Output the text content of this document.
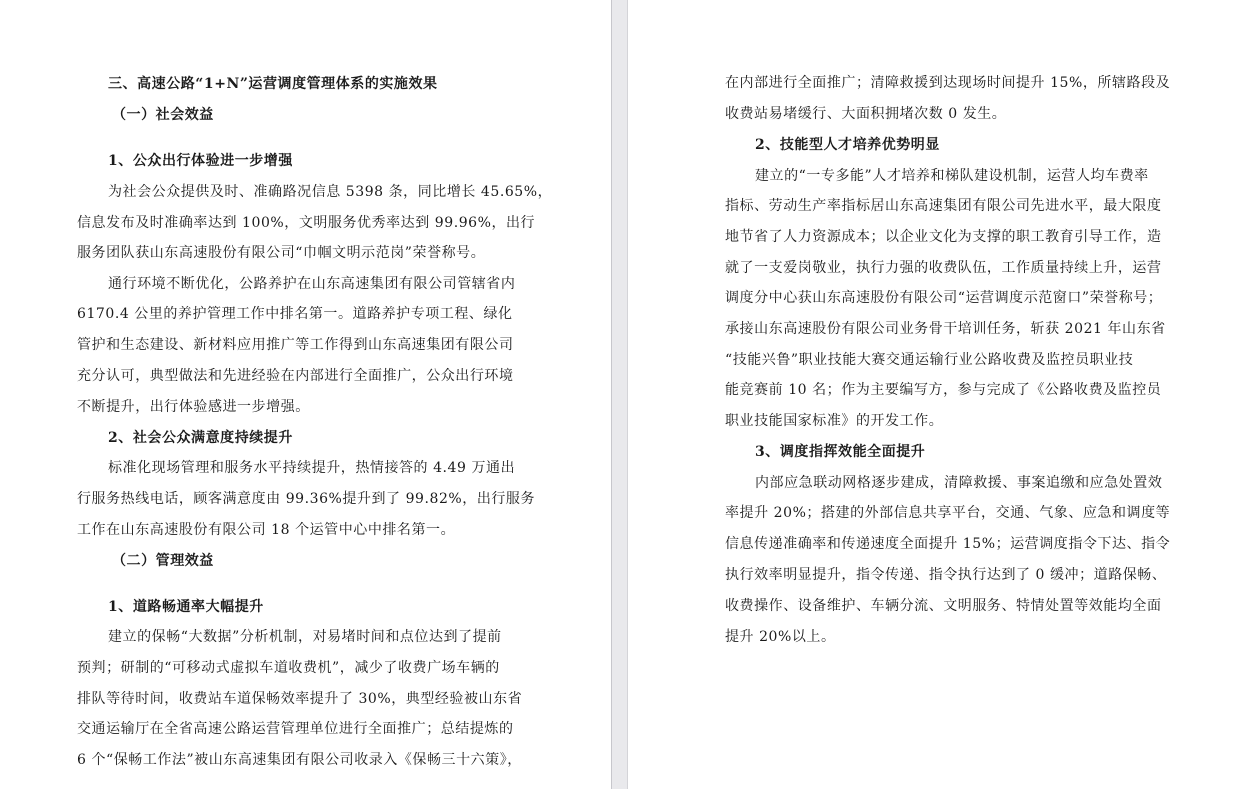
三、高速公路“1+N”运营调度管理体系的实施效果
（一）社会效益
1、公众出行体验进一步增强
为社会公众提供及时、准确路况信息 5398 条，同比增长 45.65%，
信息发布及时准确率达到 100%，文明服务优秀率达到 99.96%，出行
服务团队获山东高速股份有限公司“巾帼文明示范岗”荣誉称号。
通行环境不断优化，公路养护在山东高速集团有限公司管辖省内
6170.4 公里的养护管理工作中排名第一。道路养护专项工程、绿化
管护和生态建设、新材料应用推广等工作得到山东高速集团有限公司
充分认可，典型做法和先进经验在内部进行全面推广，公众出行环境
不断提升，出行体验感进一步增强。
2、社会公众满意度持续提升
标准化现场管理和服务水平持续提升，热情接答的 4.49 万通出
行服务热线电话，顾客满意度由 99.36%提升到了 99.82%，出行服务
工作在山东高速股份有限公司 18 个运管中心中排名第一。
（二）管理效益
1、道路畅通率大幅提升
建立的保畅“大数据”分析机制，对易堵时间和点位达到了提前
预判；研制的“可移动式虚拟车道收费机”，减少了收费广场车辆的
排队等待时间，收费站车道保畅效率提升了 30%，典型经验被山东省
交通运输厅在全省高速公路运营管理单位进行全面推广；总结提炼的
6 个“保畅工作法”被山东高速集团有限公司收录入《保畅三十六策》，
在内部进行全面推广；清障救援到达现场时间提升 15%，所辖路段及
收费站易堵缓行、大面积拥堵次数 0 发生。
2、技能型人才培养优势明显
建立的“一专多能”人才培养和梯队建设机制，运营人均车费率
指标、劳动生产率指标居山东高速集团有限公司先进水平，最大限度
地节省了人力资源成本；以企业文化为支撑的职工教育引导工作，造
就了一支爱岗敬业，执行力强的收费队伍，工作质量持续上升，运营
调度分中心获山东高速股份有限公司“运营调度示范窗口”荣誉称号；
承接山东高速股份有限公司业务骨干培训任务，斩获 2021 年山东省
“技能兴鲁”职业技能大赛交通运输行业公路收费及监控员职业技
能竞赛前 10 名；作为主要编写方，参与完成了《公路收费及监控员
职业技能国家标准》的开发工作。
3、调度指挥效能全面提升
内部应急联动网格逐步建成，清障救援、事案追缴和应急处置效
率提升 20%；搭建的外部信息共享平台，交通、气象、应急和调度等
信息传递准确率和传递速度全面提升 15%；运营调度指令下达、指令
执行效率明显提升，指令传递、指令执行达到了 0 缓冲；道路保畅、
收费操作、设备维护、车辆分流、文明服务、特情处置等效能均全面
提升 20%以上。
